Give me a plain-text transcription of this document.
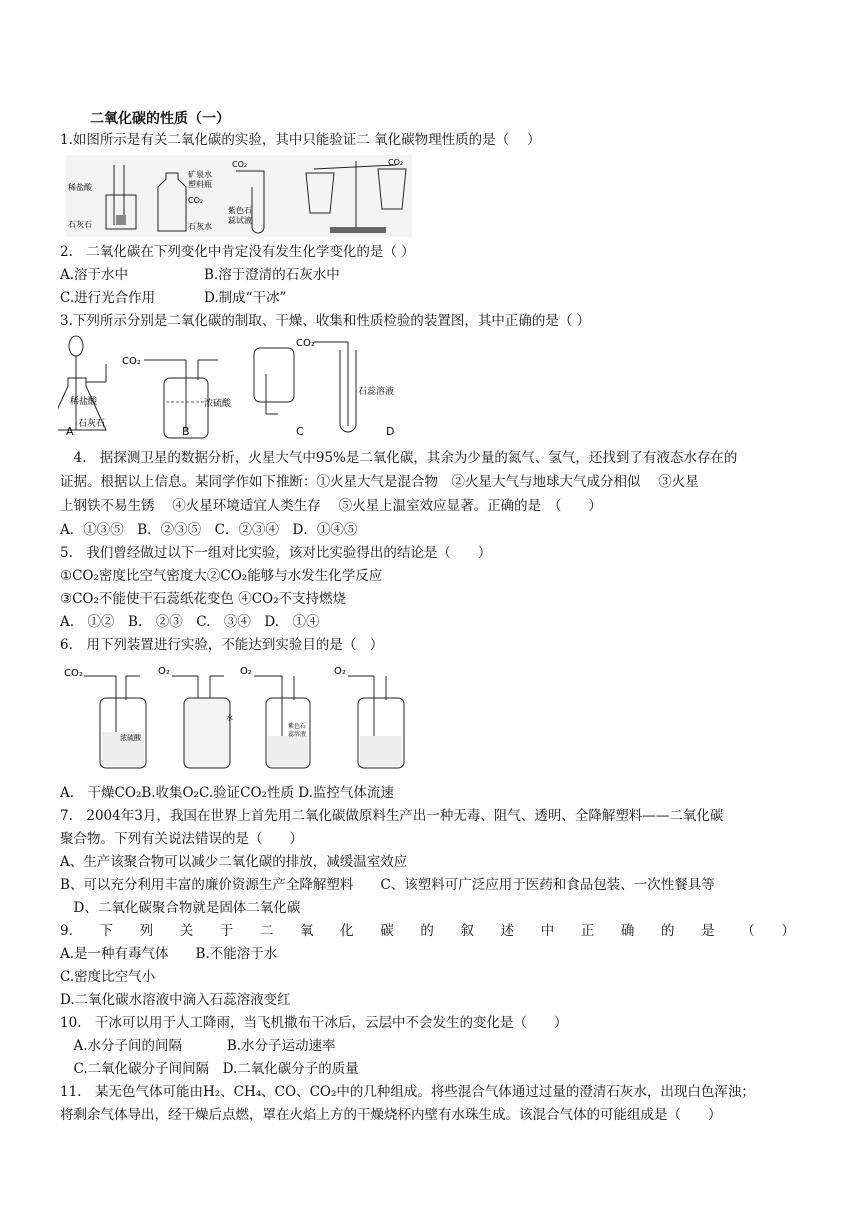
二氧化碳的性质（一）
1.如图所示是有关二氧化碳的实验，其中只能验证二 氧化碳物理性质的是（　 ）
稀盐酸
石灰石
矿泉水
塑料瓶
CO₂
石灰水
CO₂
紫色石
蕊试液
CO₂
2.　二氧化碳在下列变化中肯定没有发生化学变化的是（ ）
A.溶于水中	B.溶于澄清的石灰水中
C.进行光合作用	D.制成“干冰”
3.下列所示分别是二氧化碳的制取、干燥、收集和性质检验的装置图，其中正确的是（ ）
稀盐酸
石灰石
CO₂
浓硫酸
CO₂
石蕊溶液
A	B	C	D
　4.　据探测卫星的数据分析，火星大气中95%是二氧化碳，其余为少量的氮气、氢气，还找到了有液态水存在的
证据。根据以上信息。某同学作如下推断：①火星大气是混合物　②火星大气与地球大气成分相似　 ③火星
上钢铁不易生锈　 ④火星环境适宜人类生存　 ⑤火星上温室效应显著。正确的是　（　　）
A．①③⑤　B．②③⑤　C．②③④　D．①④⑤
5.　我们曾经做过以下一组对比实验，该对比实验得出的结论是（　　）
①CO₂密度比空气密度大②CO₂能够与水发生化学反应
③CO₂不能使干石蕊纸花变色 ④CO₂不支持燃烧
A.　①②　B.　②③　C.　③④　D.　①④
6.　用下列装置进行实验，不能达到实验目的是（　）
CO₂
浓硫酸
O₂
水
O₂
紫色石
蕊溶液
O₂
A.　干燥CO₂B.收集O₂C.验证CO₂性质 D.监控气体流速
7.　2004年3月，我国在世界上首先用二氧化碳做原料生产出一种无毒、阻气、透明、全降解塑料——二氧化碳
聚合物。下列有关说法错误的是（　　）
A、生产该聚合物可以减少二氧化碳的排放，减缓温室效应
B、可以充分利用丰富的廉价资源生产全降解塑料　　C、该塑料可广泛应用于医药和食品包装、一次性餐具等
　D、二氧化碳聚合物就是固体二氧化碳
9. 下 列 关 于 二 氧 化 碳 的 叙 述 中 正 确 的 是 （ ）
A.是一种有毒气体　　B.不能溶于水
C.密度比空气小
D.二氧化碳水溶液中滴入石蕊溶液变红
10.　干冰可以用于人工降雨，当飞机撒布干冰后，云层中不会发生的变化是（　　）
　A.水分子间的间隔　　　 B.水分子运动速率
　C.二氧化碳分子间间隔　D.二氧化碳分子的质量
11.　某无色气体可能由H₂、CH₄、CO、CO₂中的几种组成。将些混合气体通过过量的澄清石灰水，出现白色浑浊；
将剩余气体导出，经干燥后点燃，罩在火焰上方的干燥烧杯内壁有水珠生成。该混合气体的可能组成是（　　）
